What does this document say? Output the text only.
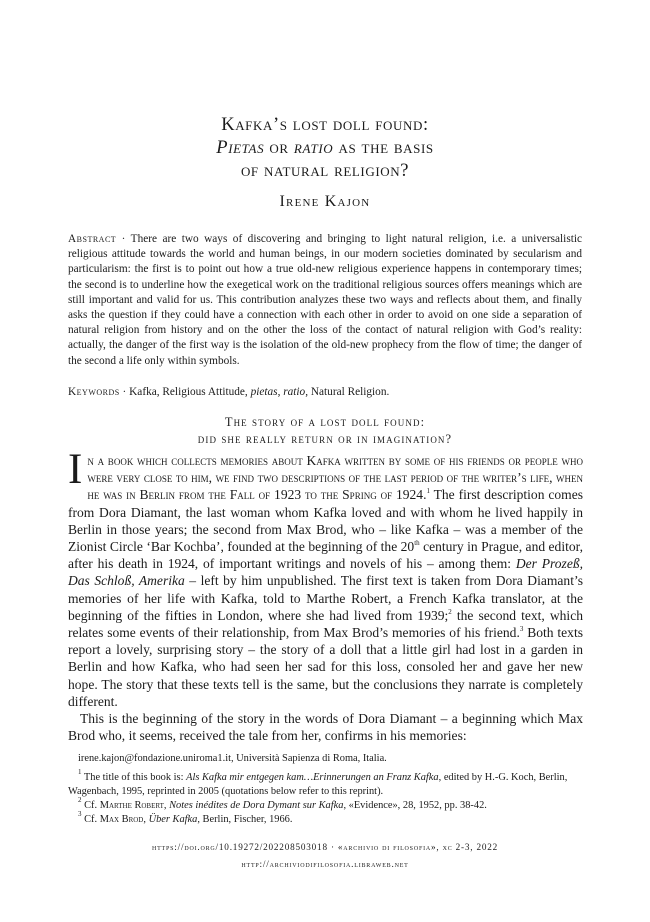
Kafka’s lost doll found:
Pietas or ratio as the basis
of natural religion?
Irene Kajon

Abstract · There are two ways of discovering and bringing to light natural religion, i.e. a universalistic religious attitude towards the world and human beings, in our modern societies dominated by secularism and particularism: the first is to point out how a true old-new religious experience happens in contemporary times; the second is to underline how the exegetical work on the traditional religious sources offers meanings which are still important and valid for us. This contribution analyzes these two ways and reflects about them, and finally asks the question if they could have a connection with each other in order to avoid on one side a separation of natural religion from history and on the other the loss of the contact of natural religion with God’s reality: actually, the danger of the first way is the isolation of the old-new prophecy from the flow of time; the danger of the second a life only within symbols.

Keywords · Kafka, Religious Attitude, pietas, ratio, Natural Religion.

The story of a lost doll found:
did she really return or in imagination?

In a book which collects memories about Kafka written by some of his friends or people who were very close to him, we find two descriptions of the last period of the writer’s life, when he was in Berlin from the Fall of 1923 to the Spring of 1924.$^1$ The first description comes from Dora Diamant, the last woman whom Kafka loved and with whom he lived happily in Berlin in those years; the second from Max Brod, who – like Kafka – was a member of the Zionist Circle ‘Bar Kochba’, founded at the beginning of the 20th century in Prague, and editor, after his death in 1924, of important writings and novels of his – among them: Der Prozeß, Das Schloß, Amerika – left by him unpublished. The first text is taken from Dora Diamant’s memories of her life with Kafka, told to Marthe Robert, a French Kafka translator, at the beginning of the fifties in London, where she had lived from 1939;$^2$ the second text, which relates some events of their relationship, from Max Brod’s memories of his friend.$^3$ Both texts report a lovely, surprising story – the story of a doll that a little girl had lost in a garden in Berlin and how Kafka, who had seen her sad for this loss, consoled her and gave her new hope. The story that these texts tell is the same, but the conclusions they narrate is completely different.

This is the beginning of the story in the words of Dora Diamant – a beginning which Max Brod who, it seems, received the tale from her, confirms in his memories:

irene.kajon@fondazione.uniroma1.it, Università Sapienza di Roma, Italia.

$^1$ The title of this book is: Als Kafka mir entgegen kam…Erinnerungen an Franz Kafka, edited by H.-G. Koch, Berlin, Wagenbach, 1995, reprinted in 2005 (quotations below refer to this reprint).

$^2$ Cf. Marthe Robert, Notes inédites de Dora Dymant sur Kafka, «Evidence», 28, 1952, pp. 38-42.

$^3$ Cf. Max Brod, Über Kafka, Berlin, Fischer, 1966.

https://doi.org/10.19272/202208503018 · «archivio di filosofia», xc 2-3, 2022
http://archiviodifilosofia.libraweb.net
